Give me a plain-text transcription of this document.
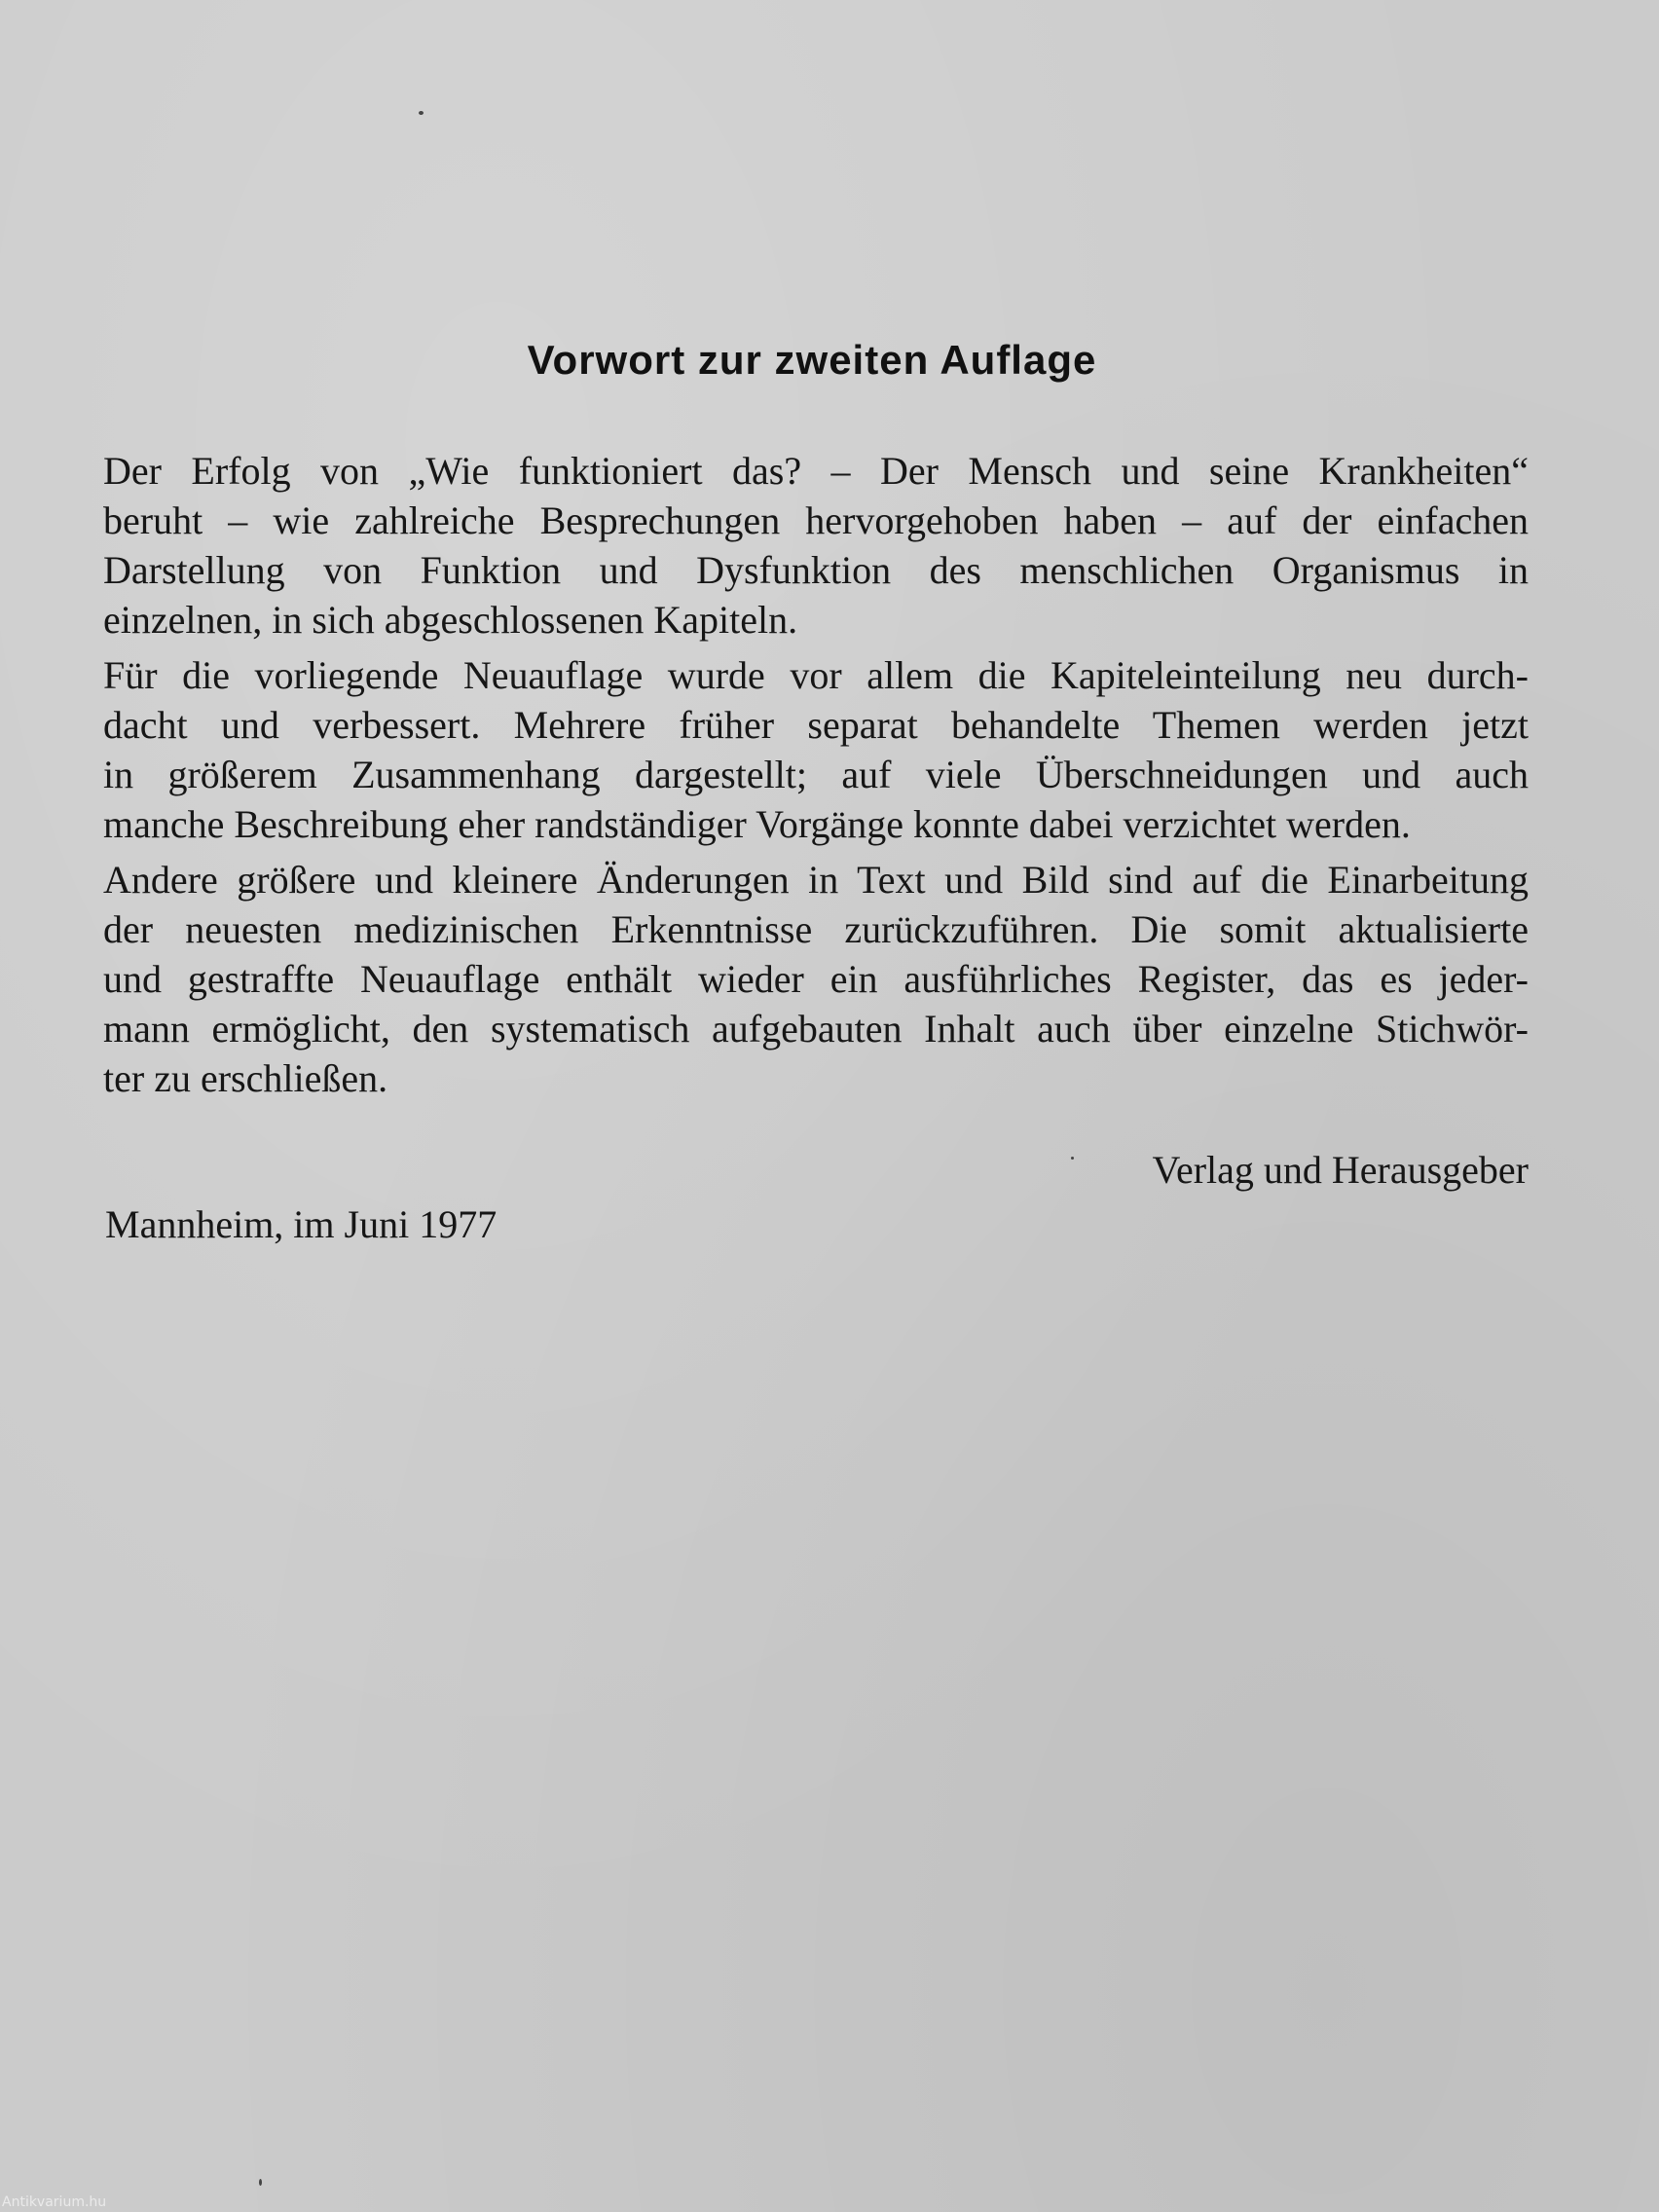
Vorwort zur zweiten Auflage

Der Erfolg von „Wie funktioniert das? – Der Mensch und seine Krankheiten“
beruht – wie zahlreiche Besprechungen hervorgehoben haben – auf der einfachen
Darstellung von Funktion und Dysfunktion des menschlichen Organismus in
einzelnen, in sich abgeschlossenen Kapiteln.

Für die vorliegende Neuauflage wurde vor allem die Kapiteleinteilung neu durch-
dacht und verbessert. Mehrere früher separat behandelte Themen werden jetzt
in größerem Zusammenhang dargestellt; auf viele Überschneidungen und auch
manche Beschreibung eher randständiger Vorgänge konnte dabei verzichtet werden.

Andere größere und kleinere Änderungen in Text und Bild sind auf die Einarbeitung
der neuesten medizinischen Erkenntnisse zurückzuführen. Die somit aktualisierte
und gestraffte Neuauflage enthält wieder ein ausführliches Register, das es jeder-
mann ermöglicht, den systematisch aufgebauten Inhalt auch über einzelne Stichwör-
ter zu erschließen.

Verlag und Herausgeber
Mannheim, im Juni 1977
Antikvarium.hu
